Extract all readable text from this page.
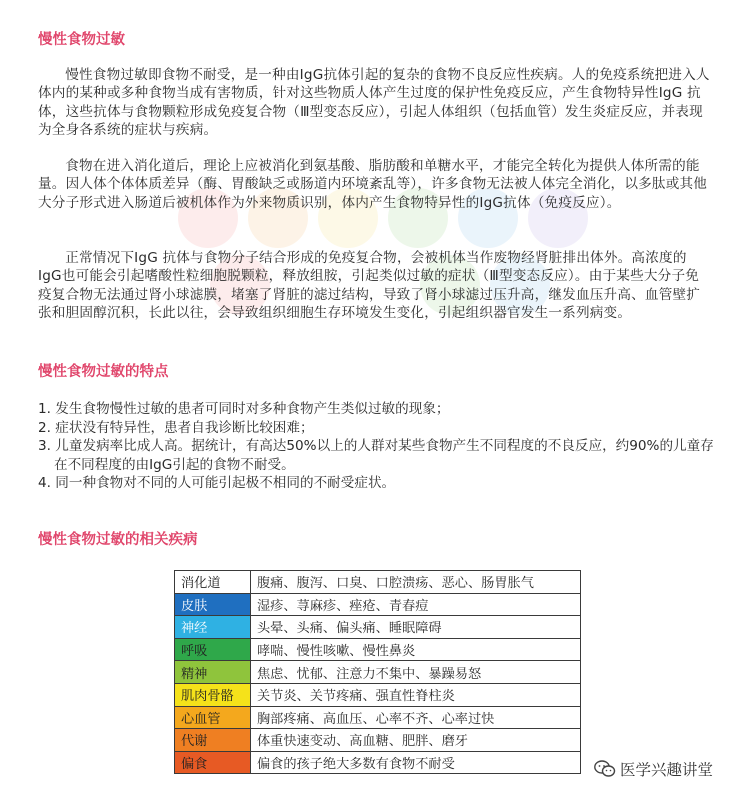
慢性食物过敏

慢性食物过敏即食物不耐受，是一种由IgG抗体引起的复杂的食物不良反应性疾病。人的免疫系统把进入人体内的某种或多种食物当成有害物质，针对这些物质人体产生过度的保护性免疫反应，产生食物特异性IgG 抗体，这些抗体与食物颗粒形成免疫复合物（Ⅲ型变态反应），引起人体组织（包括血管）发生炎症反应，并表现为全身各系统的症状与疾病。

食物在进入消化道后，理论上应被消化到氨基酸、脂肪酸和单糖水平，才能完全转化为提供人体所需的能量。因人体个体体质差异（酶、胃酸缺乏或肠道内环境紊乱等），许多食物无法被人体完全消化，以多肽或其他大分子形式进入肠道后被机体作为外来物质识别，体内产生食物特异性的IgG抗体（免疫反应）。

正常情况下IgG 抗体与食物分子结合形成的免疫复合物，会被机体当作废物经肾脏排出体外。高浓度的IgG也可能会引起嗜酸性粒细胞脱颗粒，释放组胺，引起类似过敏的症状（Ⅲ型变态反应）。由于某些大分子免疫复合物无法通过肾小球滤膜，堵塞了肾脏的滤过结构，导致了肾小球滤过压升高，继发血压升高、血管壁扩张和胆固醇沉积，长此以往，会导致组织细胞生存环境发生变化，引起组织器官发生一系列病变。

慢性食物过敏的特点
1. 发生食物慢性过敏的患者可同时对多种食物产生类似过敏的现象；
2. 症状没有特异性，患者自我诊断比较困难；
3. 儿童发病率比成人高。据统计，有高达50%以上的人群对某些食物产生不同程度的不良反应，约90%的儿童存在不同程度的由IgG引起的食物不耐受。
4. 同一种食物对不同的人可能引起极不相同的不耐受症状。
慢性食物过敏的相关疾病
消化道	腹痛、腹泻、口臭、口腔溃疡、恶心、肠胃胀气
皮肤	湿疹、荨麻疹、痤疮、青春痘
神经	头晕、头痛、偏头痛、睡眠障碍
呼吸	哮喘、慢性咳嗽、慢性鼻炎
精神	焦虑、忧郁、注意力不集中、暴躁易怒
肌肉骨骼	关节炎、关节疼痛、强直性脊柱炎
心血管	胸部疼痛、高血压、心率不齐、心率过快
代谢	体重快速变动、高血糖、肥胖、磨牙
偏食	偏食的孩子绝大多数有食物不耐受	医学兴趣讲堂
